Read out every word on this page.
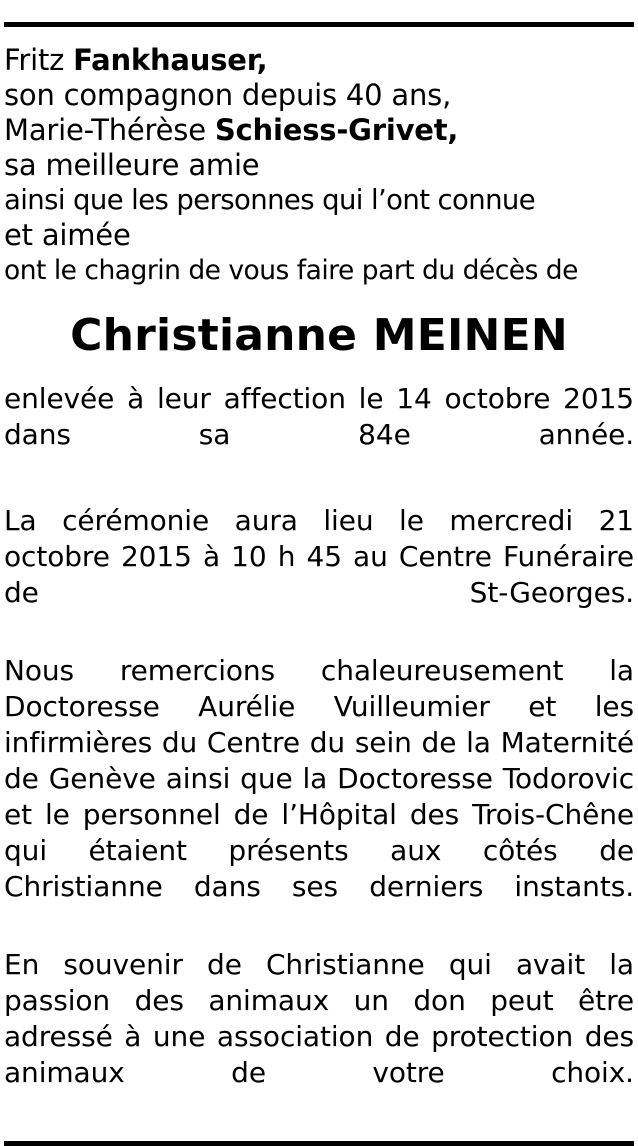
Fritz Fankhauser,
son compagnon depuis 40 ans,
Marie-Thérèse Schiess-Grivet,
sa meilleure amie
ainsi que les personnes qui l’ont connue
et aimée
ont le chagrin de vous faire part du décès de
Christianne MEINEN
enlevée à leur affection le 14 octobre 2015 dans sa 84e année.
La cérémonie aura lieu le mercredi 21 octobre 2015 à 10 h 45 au Centre Funéraire de St-Georges.
Nous remercions chaleureusement la Doctoresse Aurélie Vuilleumier et les infirmières du Centre du sein de la Maternité de Genève ainsi que la Doctoresse Todorovic et le personnel de l’Hôpital des Trois-Chêne qui étaient présents aux côtés de Christianne dans ses derniers instants.
En souvenir de Christianne qui avait la passion des animaux un don peut être adressé à une association de protection des animaux de votre choix.
